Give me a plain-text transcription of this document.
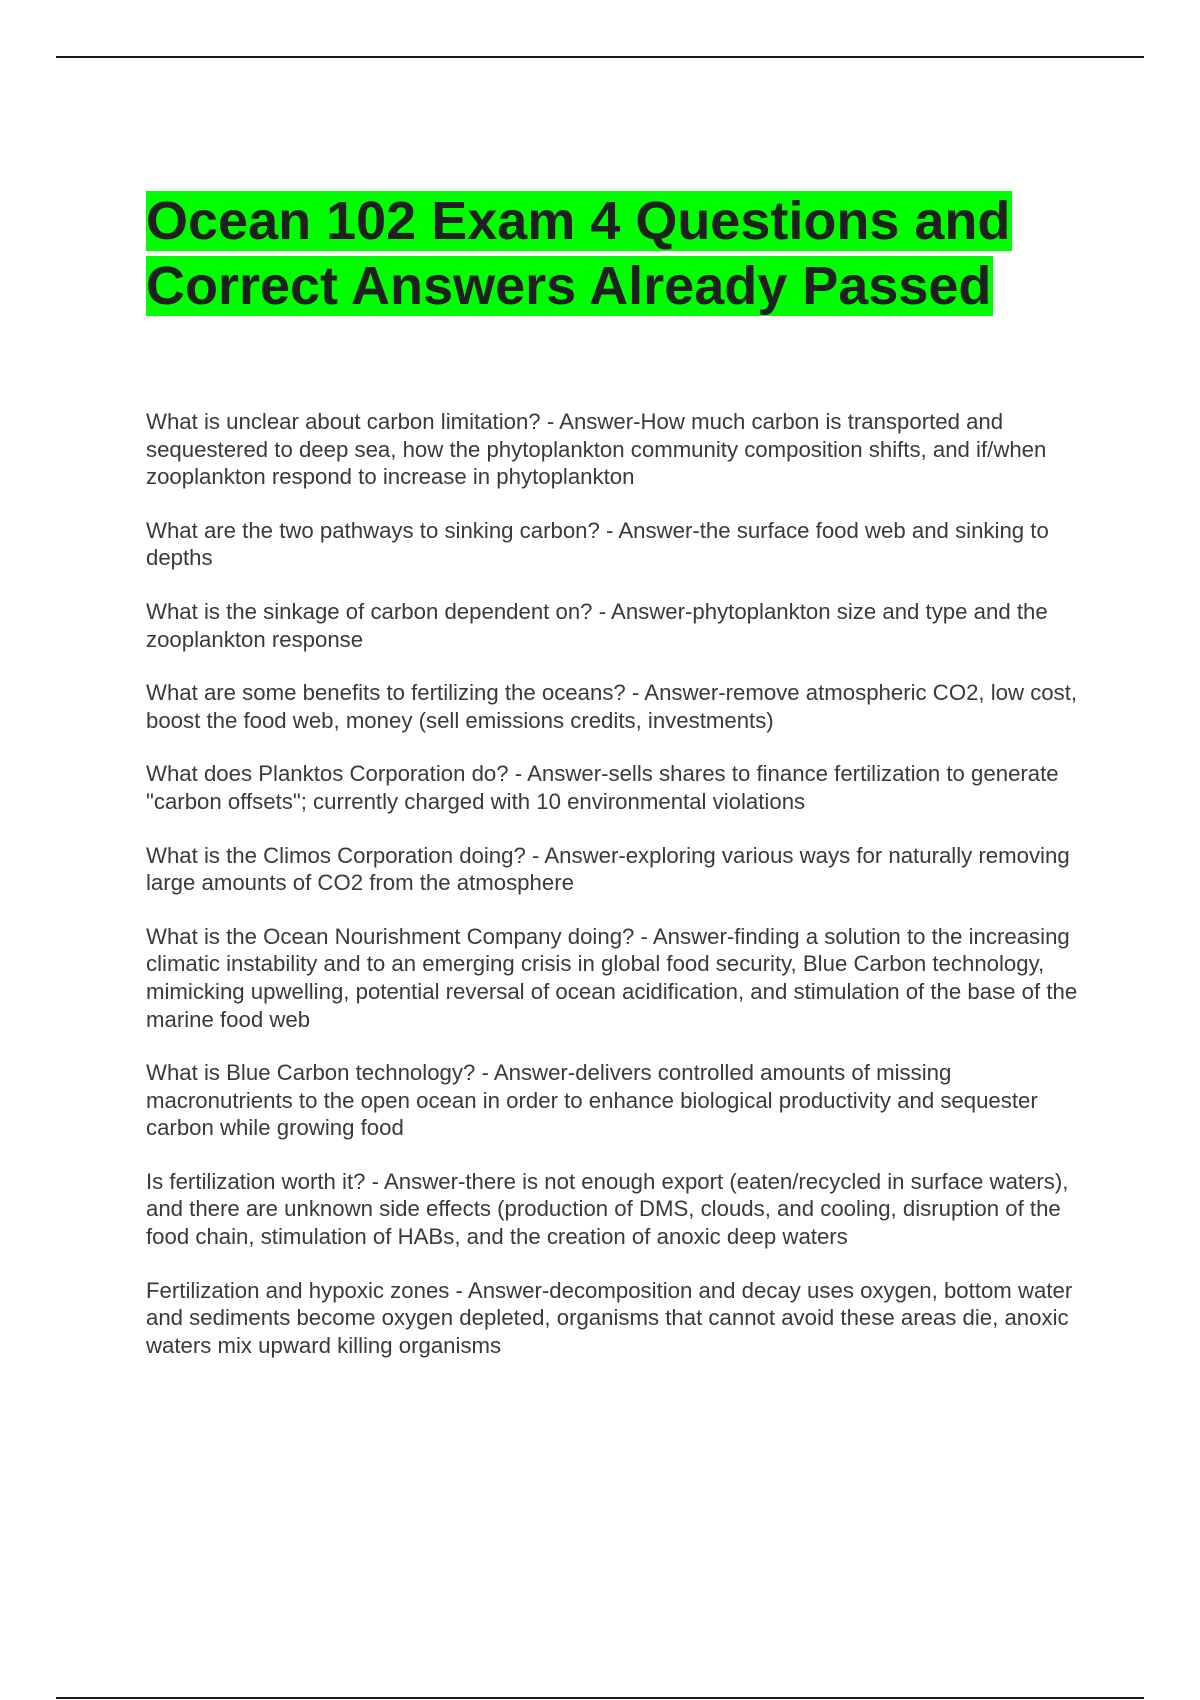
Ocean 102 Exam 4 Questions and Correct Answers Already Passed
What is unclear about carbon limitation? - Answer-How much carbon is transported and sequestered to deep sea, how the phytoplankton community composition shifts, and if/when zooplankton respond to increase in phytoplankton
What are the two pathways to sinking carbon? - Answer-the surface food web and sinking to depths
What is the sinkage of carbon dependent on? - Answer-phytoplankton size and type and the zooplankton response
What are some benefits to fertilizing the oceans? - Answer-remove atmospheric CO2, low cost, boost the food web, money (sell emissions credits, investments)
What does Planktos Corporation do? - Answer-sells shares to finance fertilization to generate "carbon offsets"; currently charged with 10 environmental violations
What is the Climos Corporation doing? - Answer-exploring various ways for naturally removing large amounts of CO2 from the atmosphere
What is the Ocean Nourishment Company doing? - Answer-finding a solution to the increasing climatic instability and to an emerging crisis in global food security, Blue Carbon technology, mimicking upwelling, potential reversal of ocean acidification, and stimulation of the base of the marine food web
What is Blue Carbon technology? - Answer-delivers controlled amounts of missing macronutrients to the open ocean in order to enhance biological productivity and sequester carbon while growing food
Is fertilization worth it? - Answer-there is not enough export (eaten/recycled in surface waters), and there are unknown side effects (production of DMS, clouds, and cooling, disruption of the food chain, stimulation of HABs, and the creation of anoxic deep waters
Fertilization and hypoxic zones - Answer-decomposition and decay uses oxygen, bottom water and sediments become oxygen depleted, organisms that cannot avoid these areas die, anoxic waters mix upward killing organisms
